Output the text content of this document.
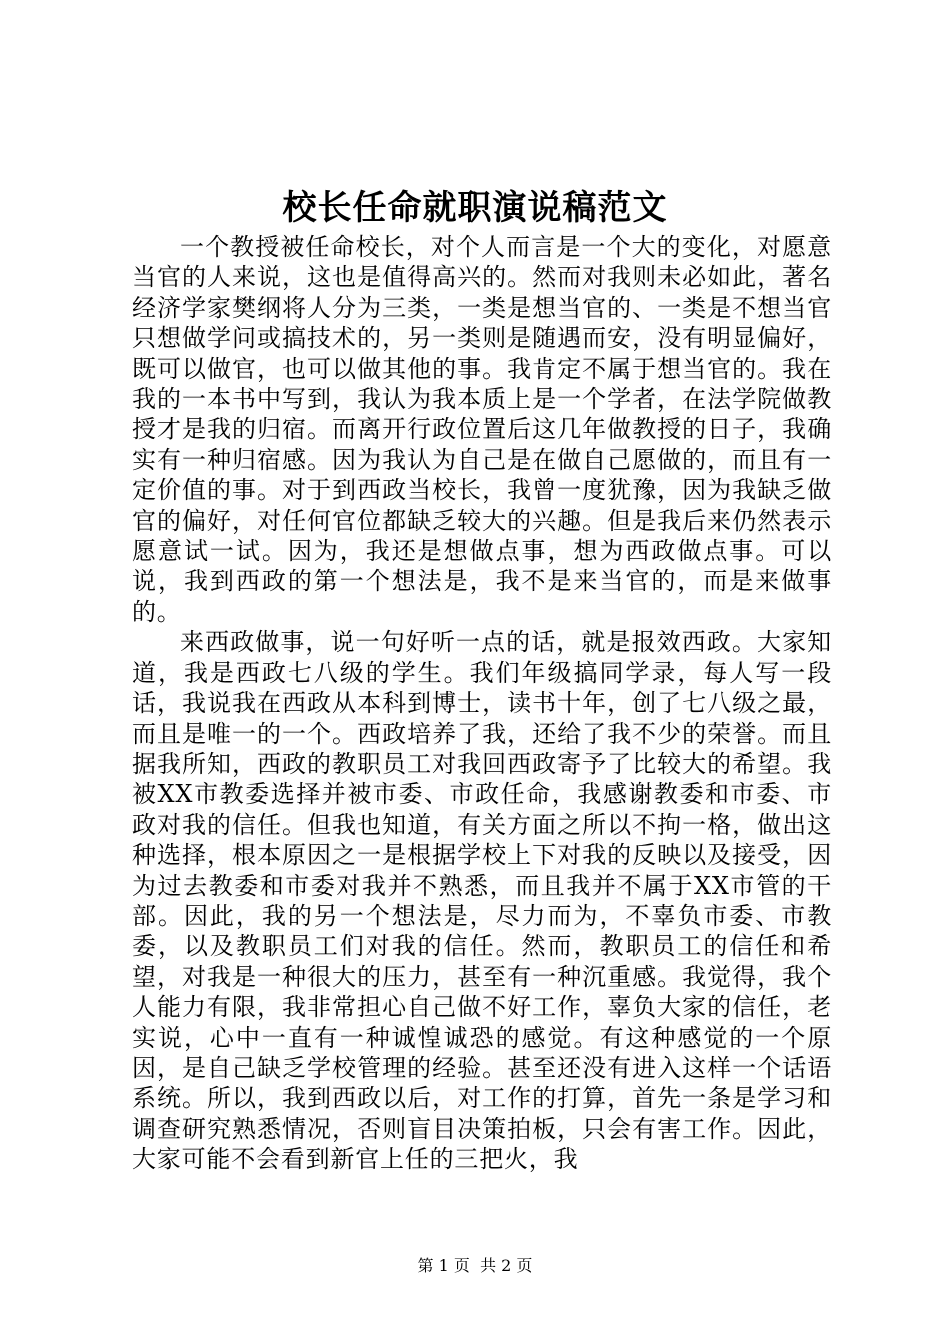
校长任命就职演说稿范文

一个教授被任命校长，对个人而言是一个大的变化，对愿意当官的人来说，这也是值得高兴的。然而对我则未必如此，著名经济学家樊纲将人分为三类，一类是想当官的、一类是不想当官只想做学问或搞技术的，另一类则是随遇而安，没有明显偏好，既可以做官，也可以做其他的事。我肯定不属于想当官的。我在我的一本书中写到，我认为我本质上是一个学者，在法学院做教授才是我的归宿。而离开行政位置后这几年做教授的日子，我确实有一种归宿感。因为我认为自己是在做自己愿做的，而且有一定价值的事。对于到西政当校长，我曾一度犹豫，因为我缺乏做官的偏好，对任何官位都缺乏较大的兴趣。但是我后来仍然表示愿意试一试。因为，我还是想做点事，想为西政做点事。可以说，我到西政的第一个想法是，我不是来当官的，而是来做事的。

来西政做事，说一句好听一点的话，就是报效西政。大家知道，我是西政七八级的学生。我们年级搞同学录，每人写一段话，我说我在西政从本科到博士，读书十年，创了七八级之最，而且是唯一的一个。西政培养了我，还给了我不少的荣誉。而且据我所知，西政的教职员工对我回西政寄予了比较大的希望。我被XX市教委选择并被市委、市政任命，我感谢教委和市委、市政对我的信任。但我也知道，有关方面之所以不拘一格，做出这种选择，根本原因之一是根据学校上下对我的反映以及接受，因为过去教委和市委对我并不熟悉，而且我并不属于XX市管的干部。因此，我的另一个想法是，尽力而为，不辜负市委、市教委，以及教职员工们对我的信任。然而，教职员工的信任和希望，对我是一种很大的压力，甚至有一种沉重感。我觉得，我个人能力有限，我非常担心自己做不好工作，辜负大家的信任，老实说，心中一直有一种诚惶诚恐的感觉。有这种感觉的一个原因，是自己缺乏学校管理的经验。甚至还没有进入这样一个话语系统。所以，我到西政以后，对工作的打算，首先一条是学习和调查研究熟悉情况，否则盲目决策拍板，只会有害工作。因此，大家可能不会看到新官上任的三把火，我

第 1 页  共 2 页
